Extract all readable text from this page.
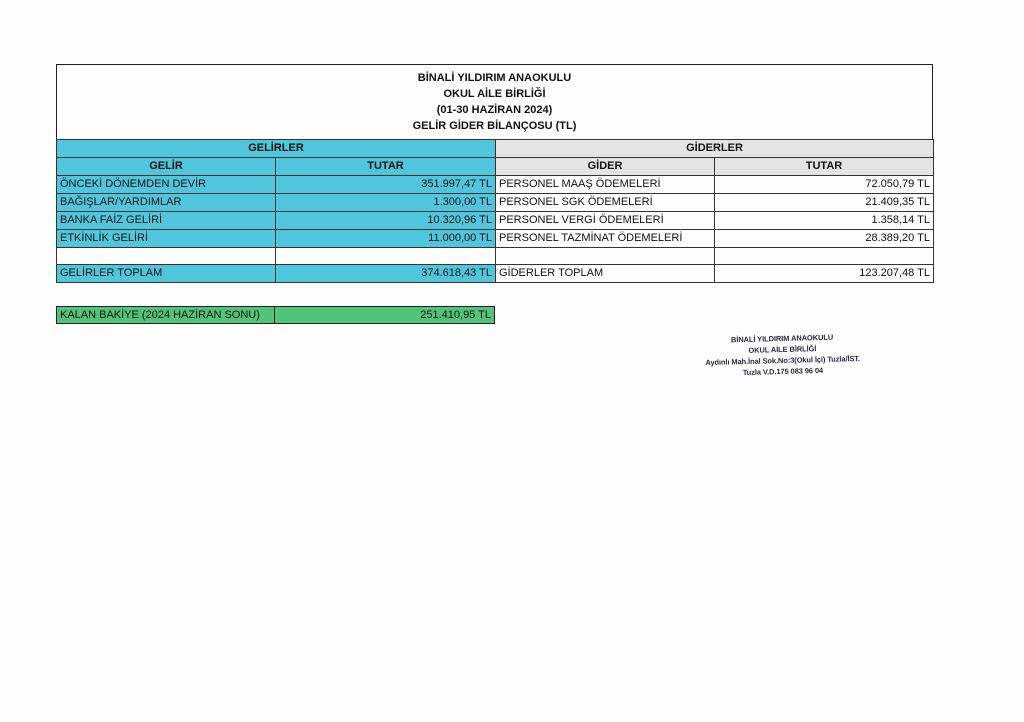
BİNALİ YILDIRIM ANAOKULU
OKUL AİLE BİRLİĞİ
(01-30 HAZİRAN 2024)
GELİR GİDER BİLANÇOSU (TL)
GELİRLER		GİDERLER	
GELİR	TUTAR	GİDER	TUTAR
ÖNCEKİ DÖNEMDEN DEVİR	351.997,47 TL	PERSONEL MAAŞ ÖDEMELERİ	72.050,79 TL
BAĞIŞLAR/YARDIMLAR	1.300,00 TL	PERSONEL SGK ÖDEMELERİ	21.409,35 TL
BANKA FAİZ GELİRİ	10.320,96 TL	PERSONEL VERGİ ÖDEMELERİ	1.358,14 TL
ETKİNLİK GELİRİ	11.000,00 TL	PERSONEL TAZMİNAT ÖDEMELERİ	28.389,20 TL

GELİRLER TOPLAM	374.618,43 TL	GİDERLER TOPLAM	123.207,48 TL
KALAN BAKİYE (2024 HAZİRAN SONU)	251.410,95 TL
BİNALİ YILDIRIM ANAOKULU
OKUL AİLE BİRLİĞİ
Aydınlı Mah.İnal Sok.No:3(Okul İçi) Tuzla/İST.
Tuzla V.D.175 083 96 04
